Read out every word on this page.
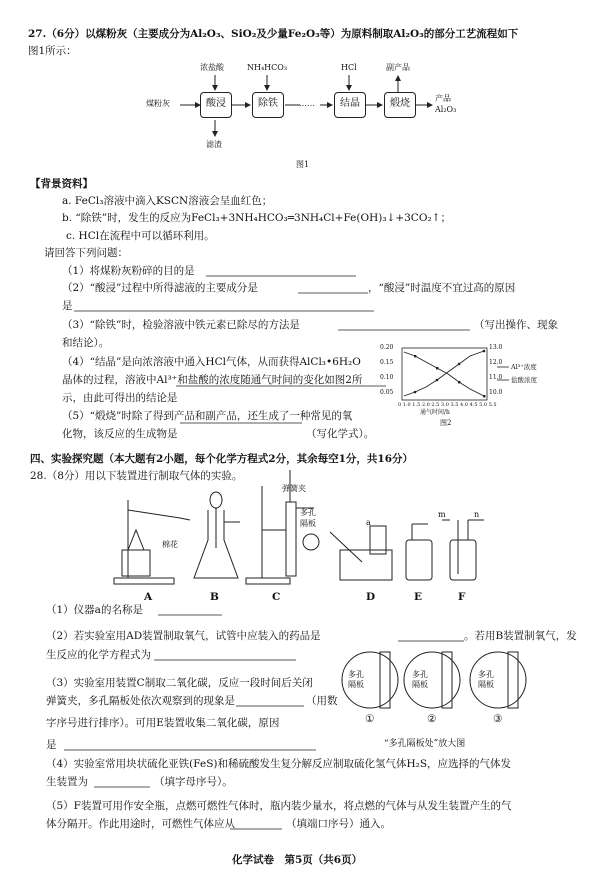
27.（6分）以煤粉灰（主要成分为Al₂O₃、SiO₂及少量Fe₂O₃等）为原料制取Al₂O₃的部分工艺流程如下
图1所示：
煤粉灰
浓盐酸	NH₄HCO₃	HCl	副产品
酸浸	除铁	……	结晶	煅烧	产品
Al₂O₃
滤渣
图1
【背景资料】
a. FeCl₃溶液中滴入KSCN溶液会呈血红色；
b. “除铁”时，发生的反应为FeCl₃+3NH₄HCO₃═3NH₄Cl+Fe(OH)₃↓+3CO₂↑；
c. HCl在流程中可以循环利用。
请回答下列问题：
（1）将煤粉灰粉碎的目的是
（2）“酸浸”过程中所得滤液的主要成分是	，“酸浸”时温度不宜过高的原因
是
（3）“除铁”时，检验溶液中铁元素已除尽的方法是	（写出操作、现象
和结论）。
（4）“结晶”是向浓溶液中通入HCl气体，从而获得AlCl₃•6H₂O
晶体的过程，溶液中Al³⁺和盐酸的浓度随通气时间的变化如图2所
示，由此可得出的结论是
（5）“煅烧”时除了得到产品和副产品，还生成了一种常见的氧
化物，该反应的生成物是	（写化学式）。
0.20
0.15
0.10
0.05
13.0
12.0
11.0
10.0
0 1.0 1.5 2.0 2.5 3.0 3.5 4.0 4.5 5.0 5.5
通气时间/h
Al³⁺浓度
盐酸浓度
图2
四、实验探究题（本大题有2小题，每个化学方程式2分，其余每空1分，共16分）
28.（8分）用以下装置进行制取气体的实验。
棉花
弹簧夹
多孔
隔板	a
m	n
A	B	C	D	E	F
（1）仪器a的名称是
（2）若实验室用AD装置制取氧气，试管中应装入的药品是	。若用B装置制氧气，发
生反应的化学方程式为
（3）实验室用装置C制取二氧化碳，反应一段时间后关闭
弹簧夹，多孔隔板处依次观察到的现象是	（用数
字序号进行排序）。可用E装置收集二氧化碳，原因
是
多孔
隔板
多孔
隔板
多孔
隔板
①	②	③
“多孔隔板处”放大图
（4）实验室常用块状硫化亚铁(FeS)和稀硫酸发生复分解反应制取硫化氢气体H₂S，应选择的气体发
生装置为	（填字母序号）。
（5）F装置可用作安全瓶，点燃可燃性气体时，瓶内装少量水，将点燃的气体与从发生装置产生的气
体分隔开。作此用途时，可燃性气体应从	（填端口序号）通入。
化学试卷　第5页（共6页）
